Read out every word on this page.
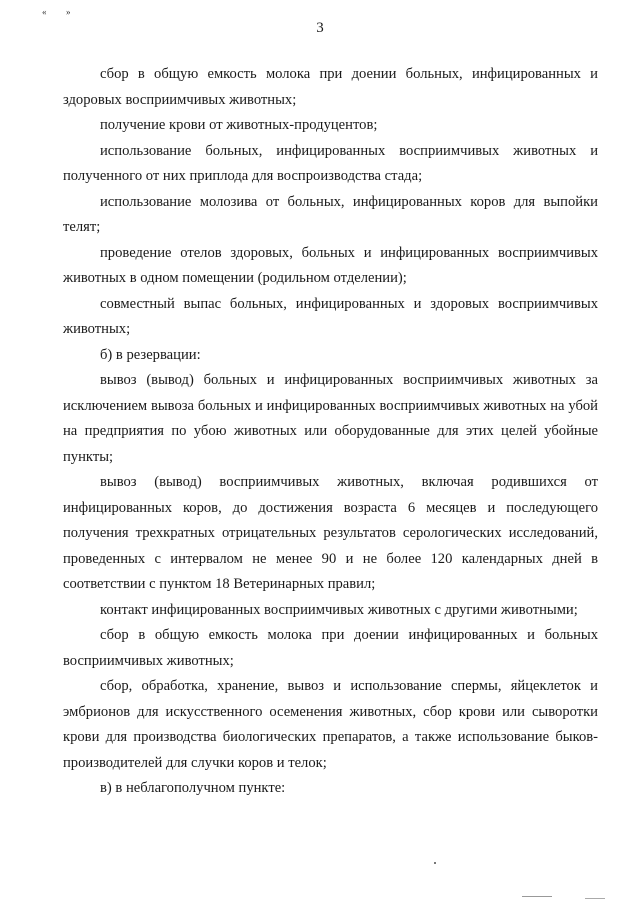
« »
3

сбор в общую емкость молока при доении больных, инфицированных и здоровых восприимчивых животных;

получение крови от животных-продуцентов;

использование больных, инфицированных восприимчивых животных и полученного от них приплода для воспроизводства стада;

использование молозива от больных, инфицированных коров для выпойки телят;

проведение отелов здоровых, больных и инфицированных восприимчивых животных в одном помещении (родильном отделении);

совместный выпас больных, инфицированных и здоровых восприимчивых животных;

б) в резервации:

вывоз (вывод) больных и инфицированных восприимчивых животных за исключением вывоза больных и инфицированных восприимчивых животных на убой на предприятия по убою животных или оборудованные для этих целей убойные пункты;

вывоз (вывод) восприимчивых животных, включая родившихся от инфицированных коров, до достижения возраста 6 месяцев и последующего получения трехкратных отрицательных результатов серологических исследований, проведенных с интервалом не менее 90 и не более 120 календарных дней в соответствии с пунктом 18 Ветеринарных правил;

контакт инфицированных восприимчивых животных с другими животными;

сбор в общую емкость молока при доении инфицированных и больных восприимчивых животных;

сбор, обработка, хранение, вывоз и использование спермы, яйцеклеток и эмбрионов для искусственного осеменения животных, сбор крови или сыворотки крови для производства биологических препаратов, а также использование быков-производителей для случки коров и телок;

в) в неблагополучном пункте:
